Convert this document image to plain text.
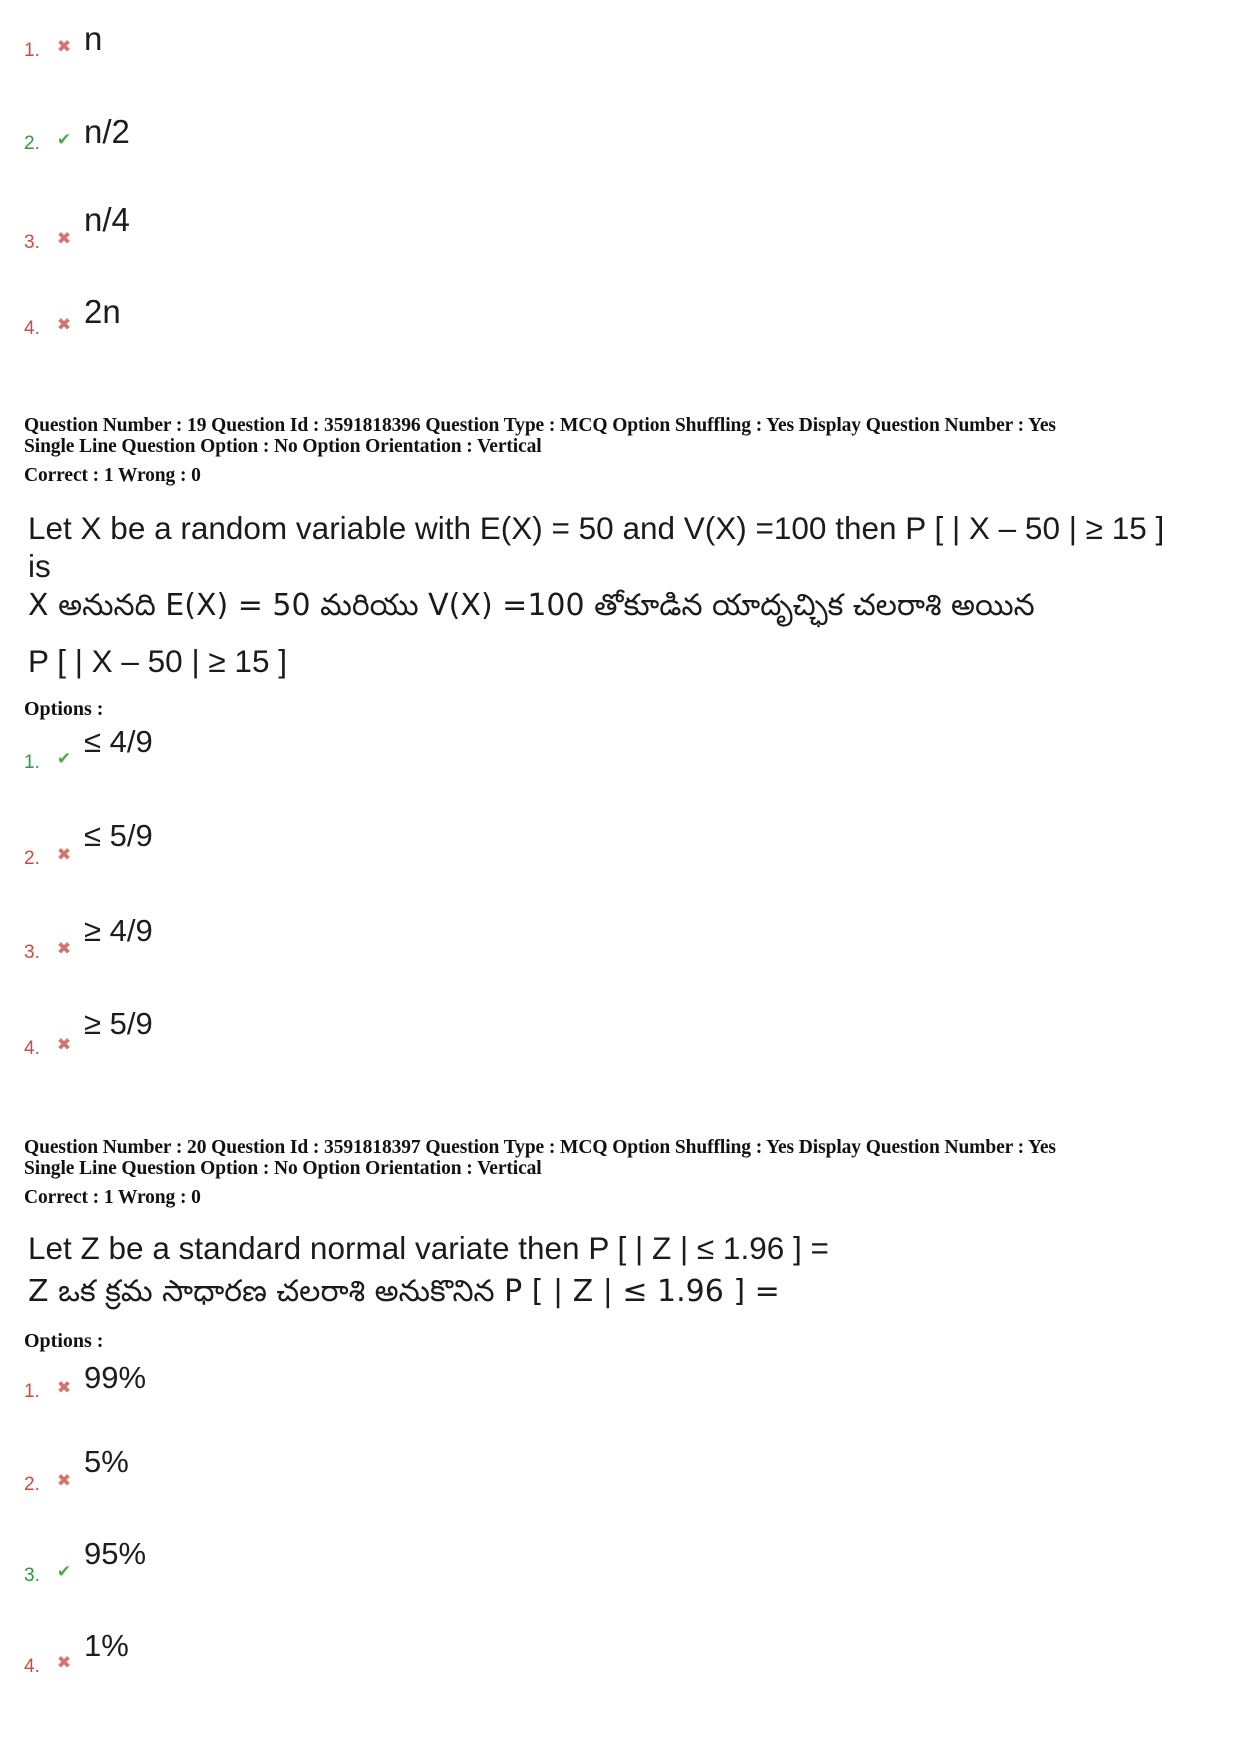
1. ✖ n
2. ✔ n/2
3. ✖
n/4
4. ✖ 2n
Question Number : 19 Question Id : 3591818396 Question Type : MCQ Option Shuffling : Yes Display Question Number : Yes
Single Line Question Option : No Option Orientation : Vertical
Correct : 1 Wrong : 0
Let X be a random variable with E(X) = 50 and V(X) =100 then P [ | X – 50 | ≥ 15 ]
is
X అనునది E(X) = 50 మరియు V(X) =100 తోకూడిన యాదృచ్ఛిక చలరాశి అయిన
P [ | X – 50 | ≥ 15 ]
Options :
1. ✔ ≤ 4/9
2. ✖
≤ 5/9
3. ✖
≥ 4/9
4. ✖
≥ 5/9
Question Number : 20 Question Id : 3591818397 Question Type : MCQ Option Shuffling : Yes Display Question Number : Yes
Single Line Question Option : No Option Orientation : Vertical
Correct : 1 Wrong : 0
Let Z be a standard normal variate then P [ | Z | ≤ 1.96 ] =
Z ఒక క్రమ సాధారణ చలరాశి అనుకొనిన P [ | Z | ≤ 1.96 ] =
Options :
1. ✖ 99%
2. ✖
5%
3. ✔
95%
4. ✖ 1%
